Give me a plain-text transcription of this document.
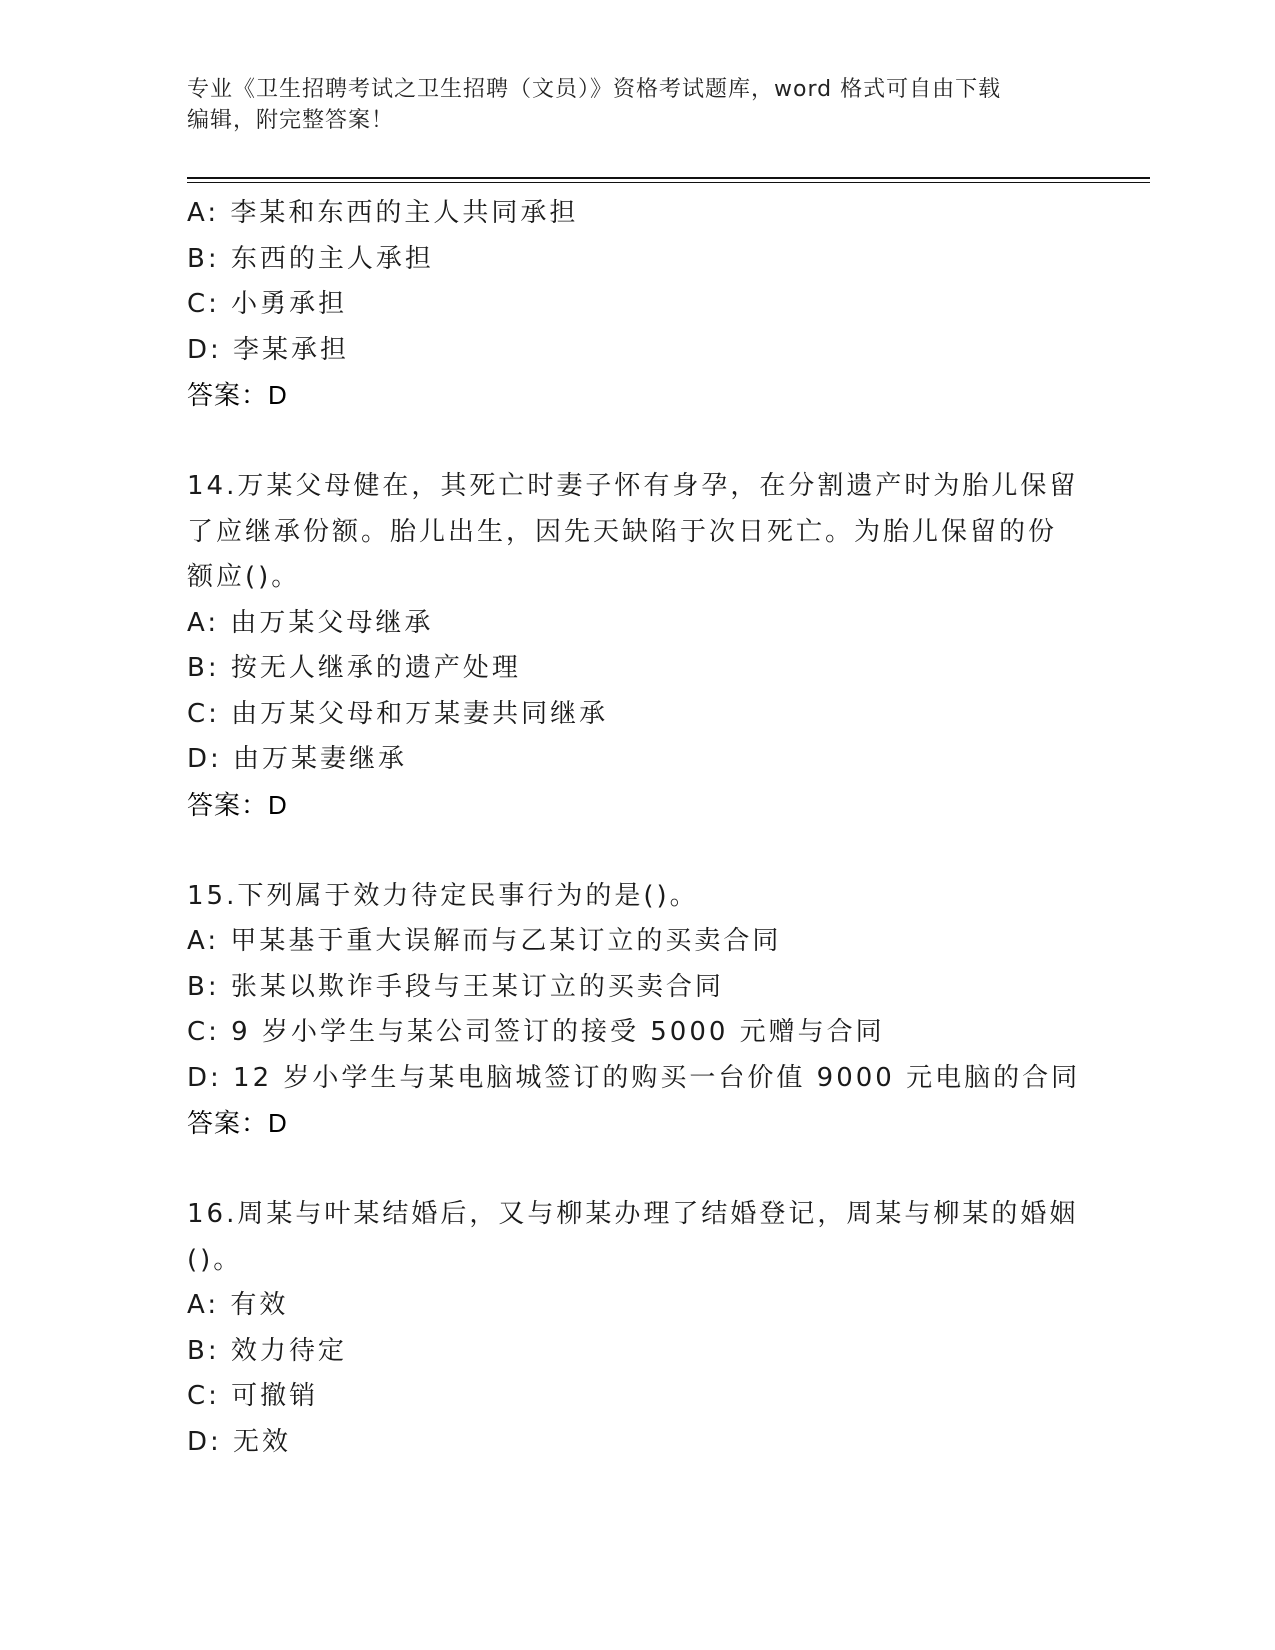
专业《卫生招聘考试之卫生招聘（文员）》资格考试题库，word 格式可自由下载
编辑，附完整答案！
A: 李某和东西的主人共同承担
B: 东西的主人承担
C: 小勇承担
D: 李某承担
答案：D
14.万某父母健在，其死亡时妻子怀有身孕，在分割遗产时为胎儿保留
了应继承份额。胎儿出生，因先天缺陷于次日死亡。为胎儿保留的份
额应()。
A: 由万某父母继承
B: 按无人继承的遗产处理
C: 由万某父母和万某妻共同继承
D: 由万某妻继承
答案：D
15.下列属于效力待定民事行为的是()。
A: 甲某基于重大误解而与乙某订立的买卖合同
B: 张某以欺诈手段与王某订立的买卖合同
C: 9 岁小学生与某公司签订的接受 5000 元赠与合同
D: 12 岁小学生与某电脑城签订的购买一台价值 9000 元电脑的合同
答案：D
16.周某与叶某结婚后，又与柳某办理了结婚登记，周某与柳某的婚姻
()。
A: 有效
B: 效力待定
C: 可撤销
D: 无效
